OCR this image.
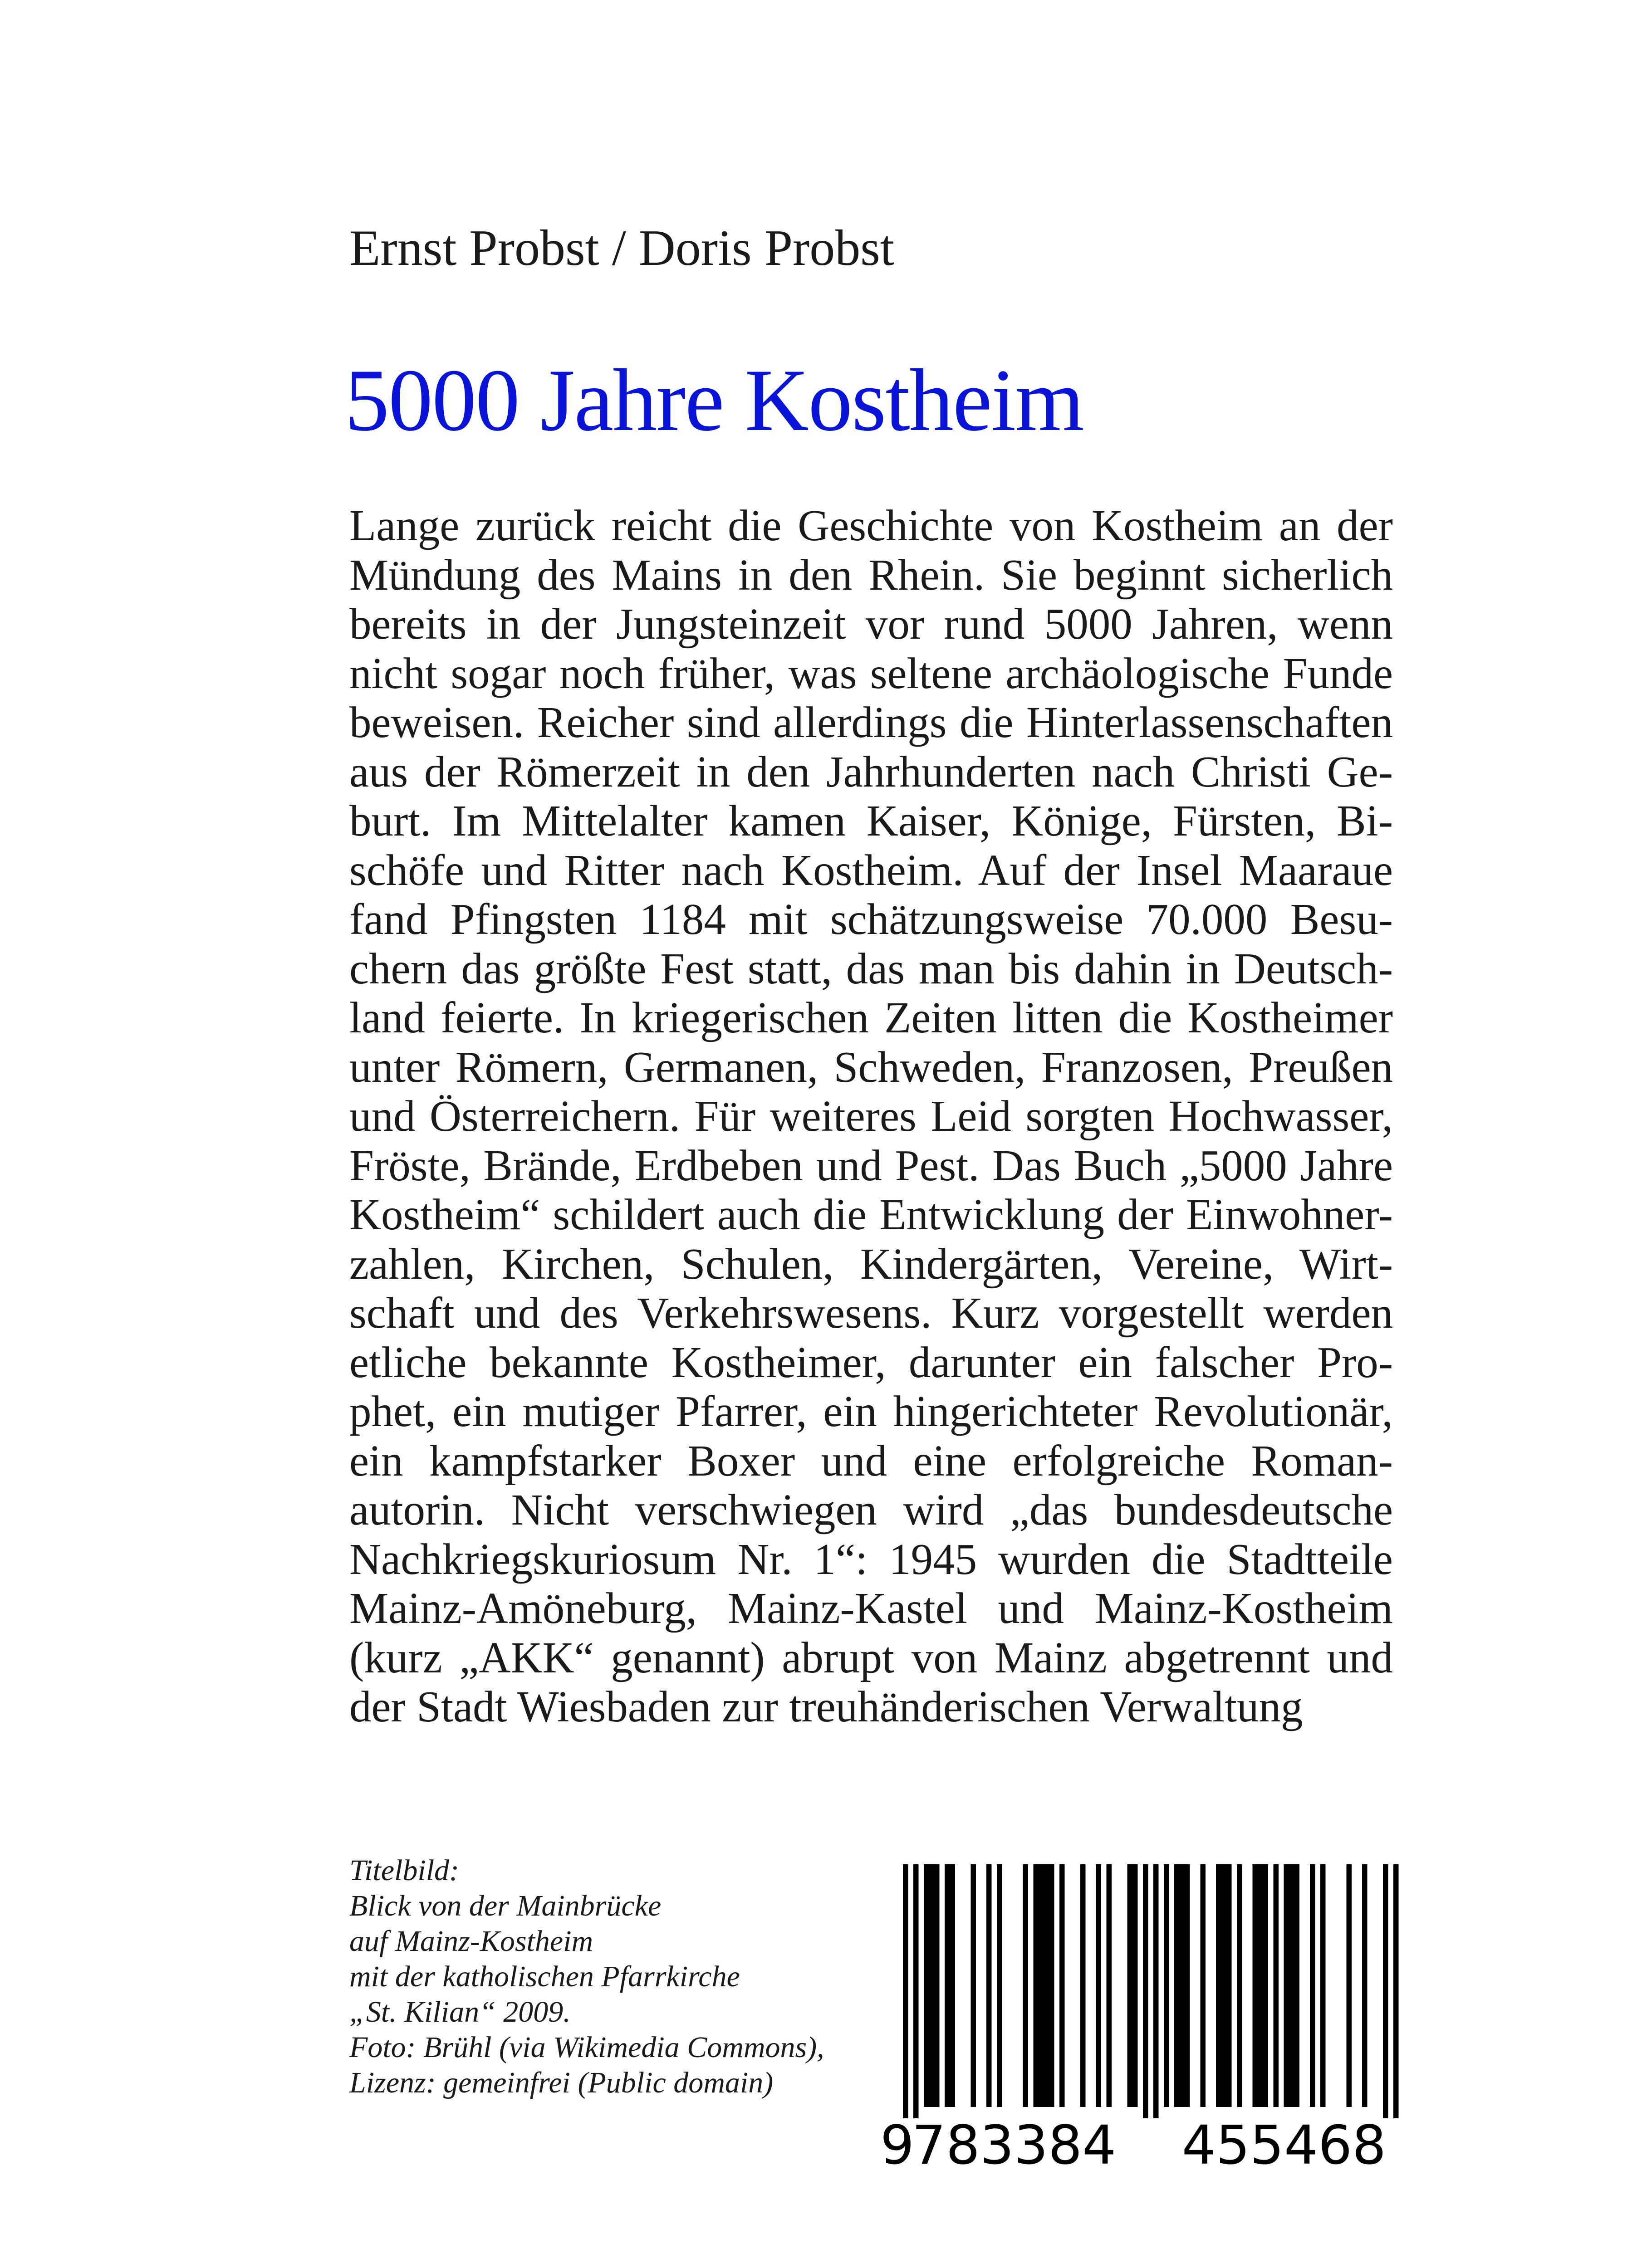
Ernst Probst / Doris Probst
5000 Jahre Kostheim
Lange zurück reicht die Geschichte von Kostheim an der
Mündung des Mains in den Rhein. Sie beginnt sicherlich
bereits in der Jungsteinzeit vor rund 5000 Jahren, wenn
nicht sogar noch früher, was seltene archäologische Funde
beweisen. Reicher sind allerdings die Hinterlassenschaften
aus der Römerzeit in den Jahrhunderten nach Christi Ge-
burt. Im Mittelalter kamen Kaiser, Könige, Fürsten, Bi-
schöfe und Ritter nach Kostheim. Auf der Insel Maaraue
fand Pfingsten 1184 mit schätzungsweise 70.000 Besu-
chern das größte Fest statt, das man bis dahin in Deutsch-
land feierte. In kriegerischen Zeiten litten die Kostheimer
unter Römern, Germanen, Schweden, Franzosen, Preußen
und Österreichern. Für weiteres Leid sorgten Hochwasser,
Fröste, Brände, Erdbeben und Pest. Das Buch „5000 Jahre
Kostheim“ schildert auch die Entwicklung der Einwohner-
zahlen, Kirchen, Schulen, Kindergärten, Vereine, Wirt-
schaft und des Verkehrswesens. Kurz vorgestellt werden
etliche bekannte Kostheimer, darunter ein falscher Pro-
phet, ein mutiger Pfarrer, ein hingerichteter Revolutionär,
ein kampfstarker Boxer und eine erfolgreiche Roman-
autorin. Nicht verschwiegen wird „das bundesdeutsche
Nachkriegskuriosum Nr. 1“: 1945 wurden die Stadtteile
Mainz-Amöneburg, Mainz-Kastel und Mainz-Kostheim
(kurz „AKK“ genannt) abrupt von Mainz abgetrennt und
der Stadt Wiesbaden zur treuhänderischen Verwaltung
Titelbild:
Blick von der Mainbrücke
auf Mainz-Kostheim
mit der katholischen Pfarrkirche
„St. Kilian“ 2009.
Foto: Brühl (via Wikimedia Commons),
Lizenz: gemeinfrei (Public domain)
9
783384 455468
